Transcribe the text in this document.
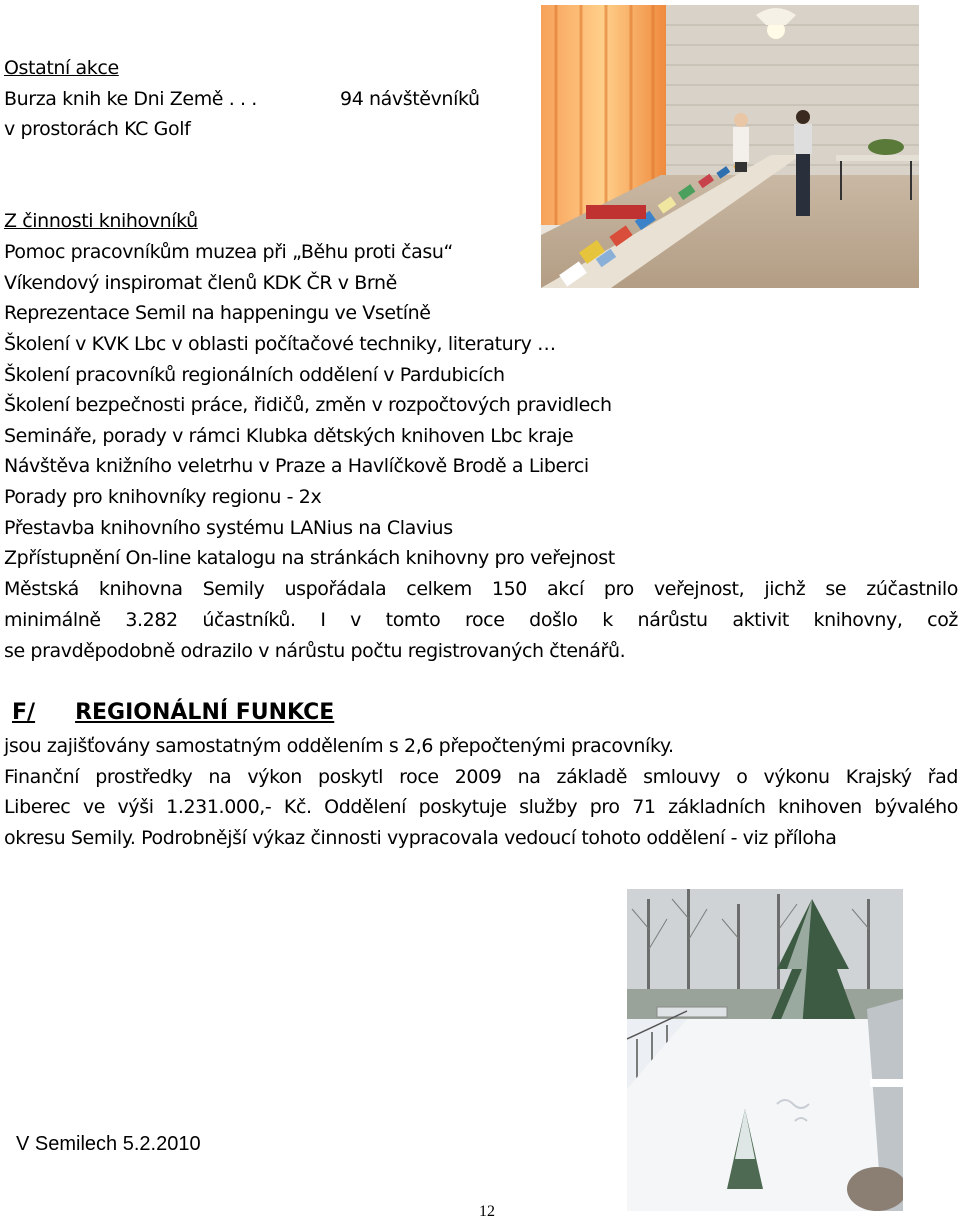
Ostatní akce
Burza knih ke Dni Země . . .	94 návštěvníků
v prostorách KC Golf
Z činnosti knihovníků
Pomoc pracovníkům muzea při „Běhu proti času“
Víkendový inspiromat členů KDK ČR v Brně
Reprezentace Semil na happeningu ve Vsetíně
Školení v KVK Lbc v oblasti počítačové techniky, literatury …
Školení pracovníků regionálních oddělení v Pardubicích
Školení bezpečnosti práce, řidičů, změn v rozpočtových pravidlech
Semináře, porady v rámci Klubka dětských knihoven Lbc kraje
Návštěva knižního veletrhu v Praze a Havlíčkově Brodě a Liberci
Porady pro knihovníky regionu - 2x
Přestavba knihovního systému LANius na Clavius
Zpřístupnění On-line katalogu na stránkách knihovny pro veřejnost
Městská knihovna Semily uspořádala celkem 150 akcí pro veřejnost, jichž se zúčastnilo
minimálně 3.282 účastníků. I v tomto roce došlo k nárůstu aktivit knihovny, což
se pravděpodobně odrazilo v nárůstu počtu registrovaných čtenářů.
F/ REGIONÁLNÍ FUNKCE
jsou zajišťovány samostatným oddělením s 2,6 přepočtenými pracovníky.
Finanční prostředky na výkon poskytl roce 2009 na základě smlouvy o výkonu Krajský řad
Liberec ve výši 1.231.000,- Kč. Oddělení poskytuje služby pro 71 základních knihoven bývalého
okresu Semily. Podrobnější výkaz činnosti vypracovala vedoucí tohoto oddělení - viz příloha
V Semilech 5.2.2010
12
